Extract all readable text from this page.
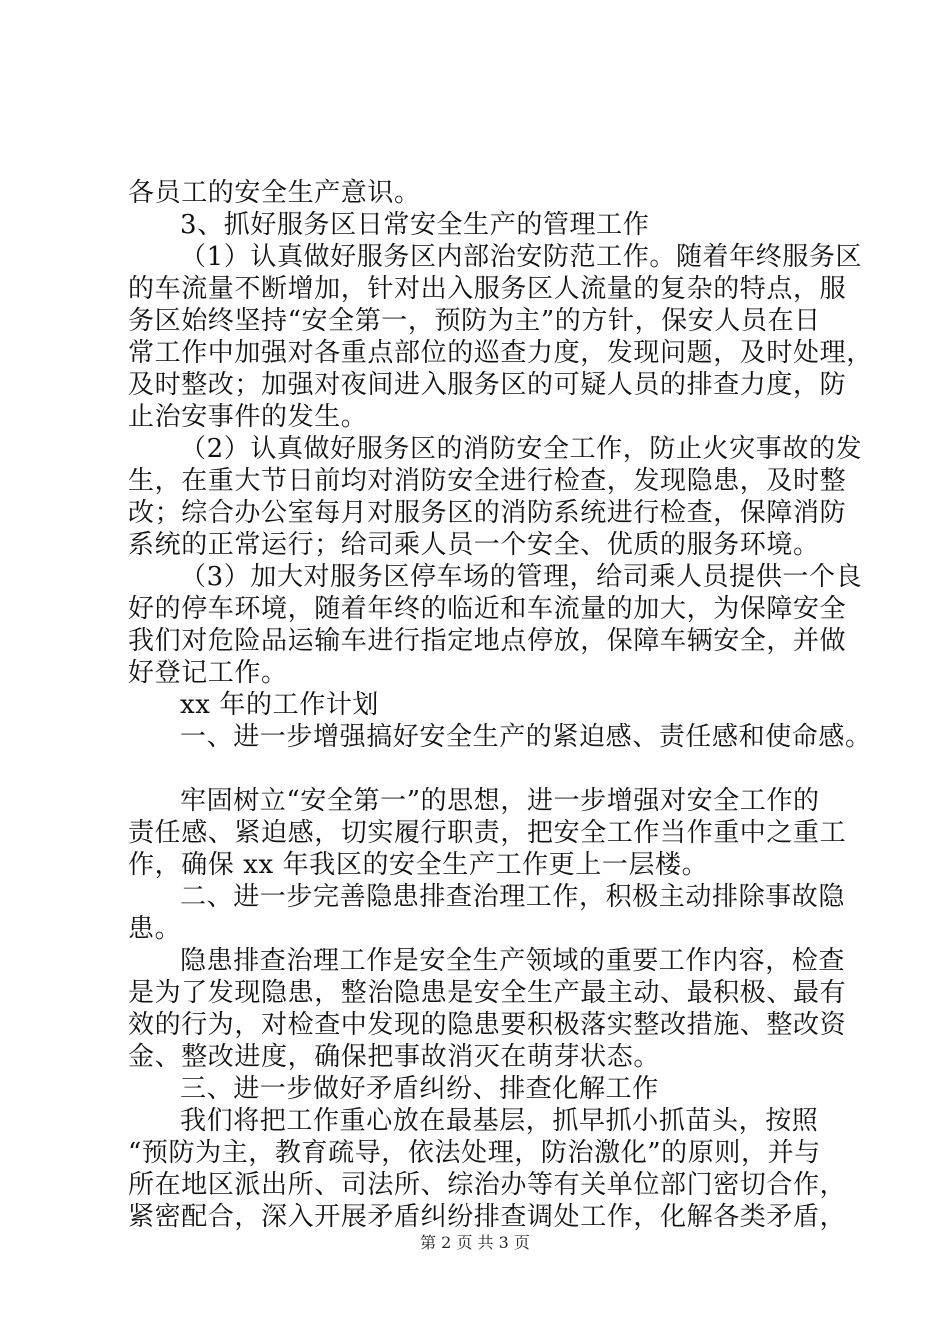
各员工的安全生产意识。
3、抓好服务区日常安全生产的管理工作
（1）认真做好服务区内部治安防范工作。随着年终服务区
的车流量不断增加，针对出入服务区人流量的复杂的特点，服
务区始终坚持“安全第一，预防为主”的方针，保安人员在日
常工作中加强对各重点部位的巡查力度，发现问题，及时处理，
及时整改；加强对夜间进入服务区的可疑人员的排查力度，防
止治安事件的发生。
（2）认真做好服务区的消防安全工作，防止火灾事故的发
生，在重大节日前均对消防安全进行检查，发现隐患，及时整
改；综合办公室每月对服务区的消防系统进行检查，保障消防
系统的正常运行；给司乘人员一个安全、优质的服务环境。
（3）加大对服务区停车场的管理，给司乘人员提供一个良
好的停车环境，随着年终的临近和车流量的加大，为保障安全
我们对危险品运输车进行指定地点停放，保障车辆安全，并做
好登记工作。
xx 年的工作计划
一、进一步增强搞好安全生产的紧迫感、责任感和使命感。
牢固树立“安全第一”的思想，进一步增强对安全工作的
责任感、紧迫感，切实履行职责，把安全工作当作重中之重工
作，确保 xx 年我区的安全生产工作更上一层楼。
二、进一步完善隐患排查治理工作，积极主动排除事故隐
患。
隐患排查治理工作是安全生产领域的重要工作内容，检查
是为了发现隐患，整治隐患是安全生产最主动、最积极、最有
效的行为，对检查中发现的隐患要积极落实整改措施、整改资
金、整改进度，确保把事故消灭在萌芽状态。
三、进一步做好矛盾纠纷、排查化解工作
我们将把工作重心放在最基层，抓早抓小抓苗头，按照
“预防为主，教育疏导，依法处理，防治激化”的原则，并与
所在地区派出所、司法所、综治办等有关单位部门密切合作，
紧密配合，深入开展矛盾纠纷排查调处工作，化解各类矛盾，
第 2 页 共 3 页
